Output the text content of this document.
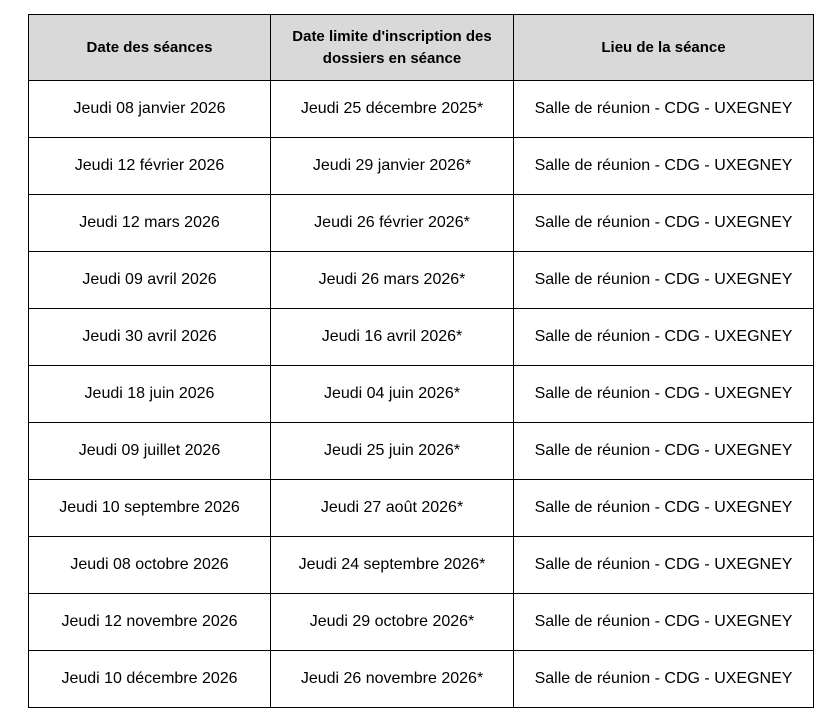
Date des séances	Date limite d'inscription des dossiers en séance	Lieu de la séance
Jeudi 08 janvier 2026	Jeudi 25 décembre 2025*	Salle de réunion - CDG - UXEGNEY
Jeudi 12 février 2026	Jeudi 29 janvier 2026*	Salle de réunion - CDG - UXEGNEY
Jeudi 12 mars 2026	Jeudi 26 février 2026*	Salle de réunion - CDG - UXEGNEY
Jeudi 09 avril 2026	Jeudi 26 mars 2026*	Salle de réunion - CDG - UXEGNEY
Jeudi 30 avril 2026	Jeudi 16 avril 2026*	Salle de réunion - CDG - UXEGNEY
Jeudi 18 juin 2026	Jeudi 04 juin 2026*	Salle de réunion - CDG - UXEGNEY
Jeudi 09 juillet 2026	Jeudi 25 juin 2026*	Salle de réunion - CDG - UXEGNEY
Jeudi 10 septembre 2026	Jeudi 27 août 2026*	Salle de réunion - CDG - UXEGNEY
Jeudi 08 octobre 2026	Jeudi 24 septembre 2026*	Salle de réunion - CDG - UXEGNEY
Jeudi 12 novembre 2026	Jeudi 29 octobre 2026*	Salle de réunion - CDG - UXEGNEY
Jeudi 10 décembre 2026	Jeudi 26 novembre 2026*	Salle de réunion - CDG - UXEGNEY
